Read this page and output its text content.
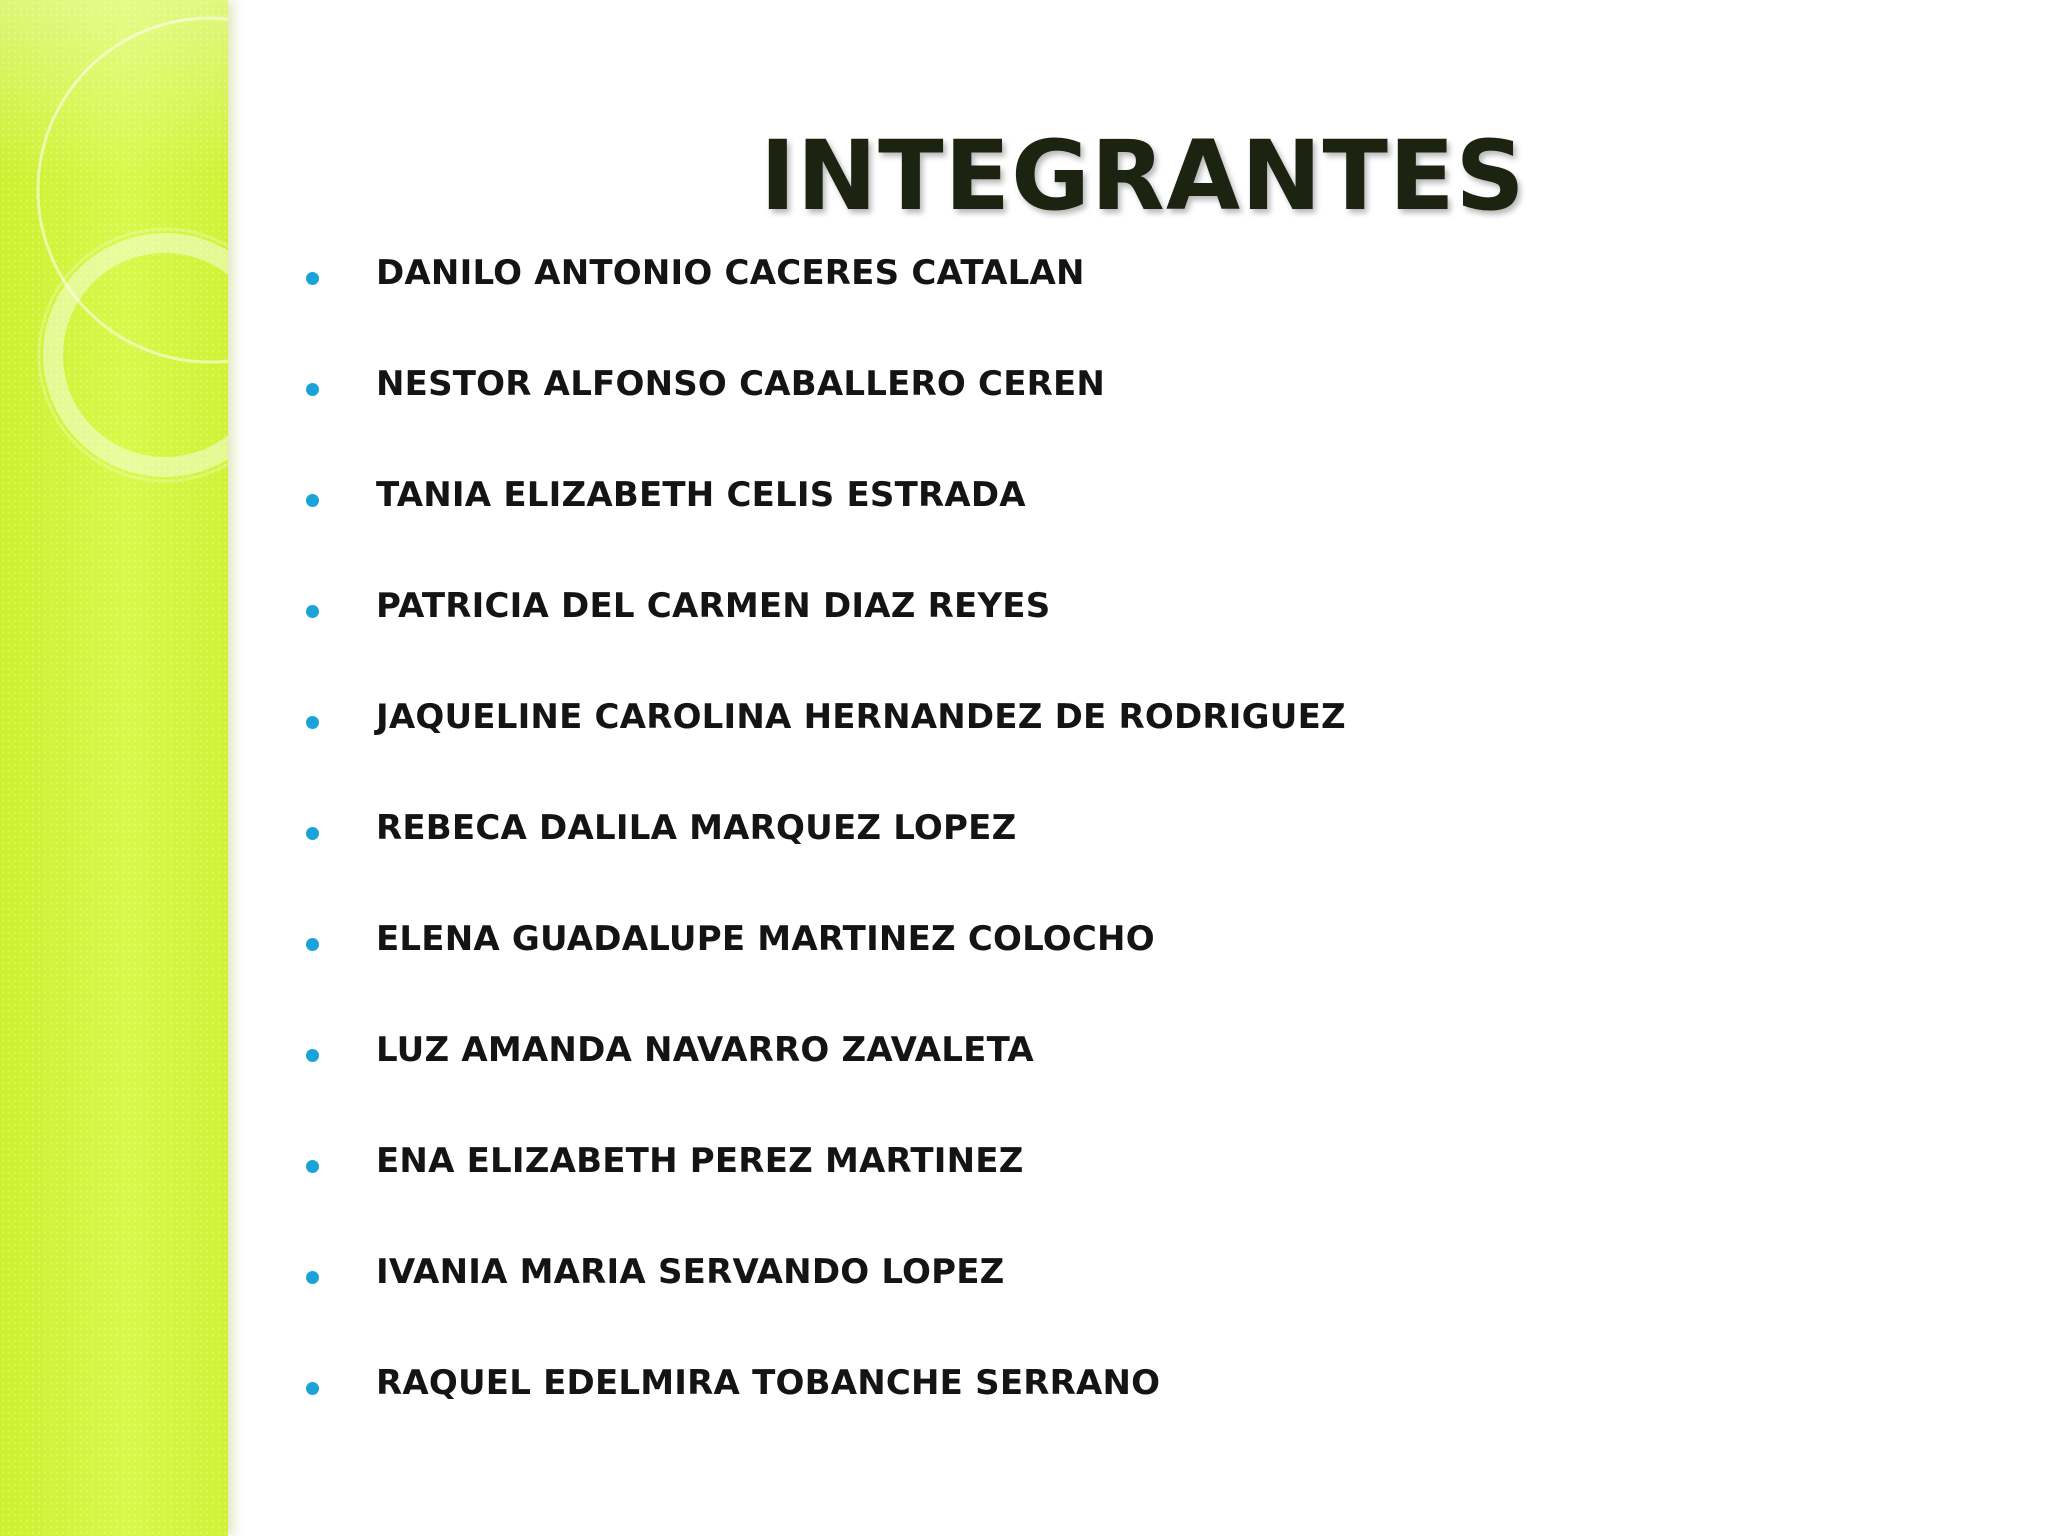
INTEGRANTES
DANILO ANTONIO CACERES CATALAN
NESTOR ALFONSO CABALLERO CEREN
TANIA ELIZABETH CELIS ESTRADA
PATRICIA DEL CARMEN DIAZ REYES
JAQUELINE CAROLINA HERNANDEZ DE RODRIGUEZ
REBECA DALILA MARQUEZ LOPEZ
ELENA GUADALUPE MARTINEZ COLOCHO
LUZ AMANDA NAVARRO ZAVALETA
ENA ELIZABETH PEREZ MARTINEZ
IVANIA MARIA SERVANDO LOPEZ
RAQUEL EDELMIRA TOBANCHE SERRANO
